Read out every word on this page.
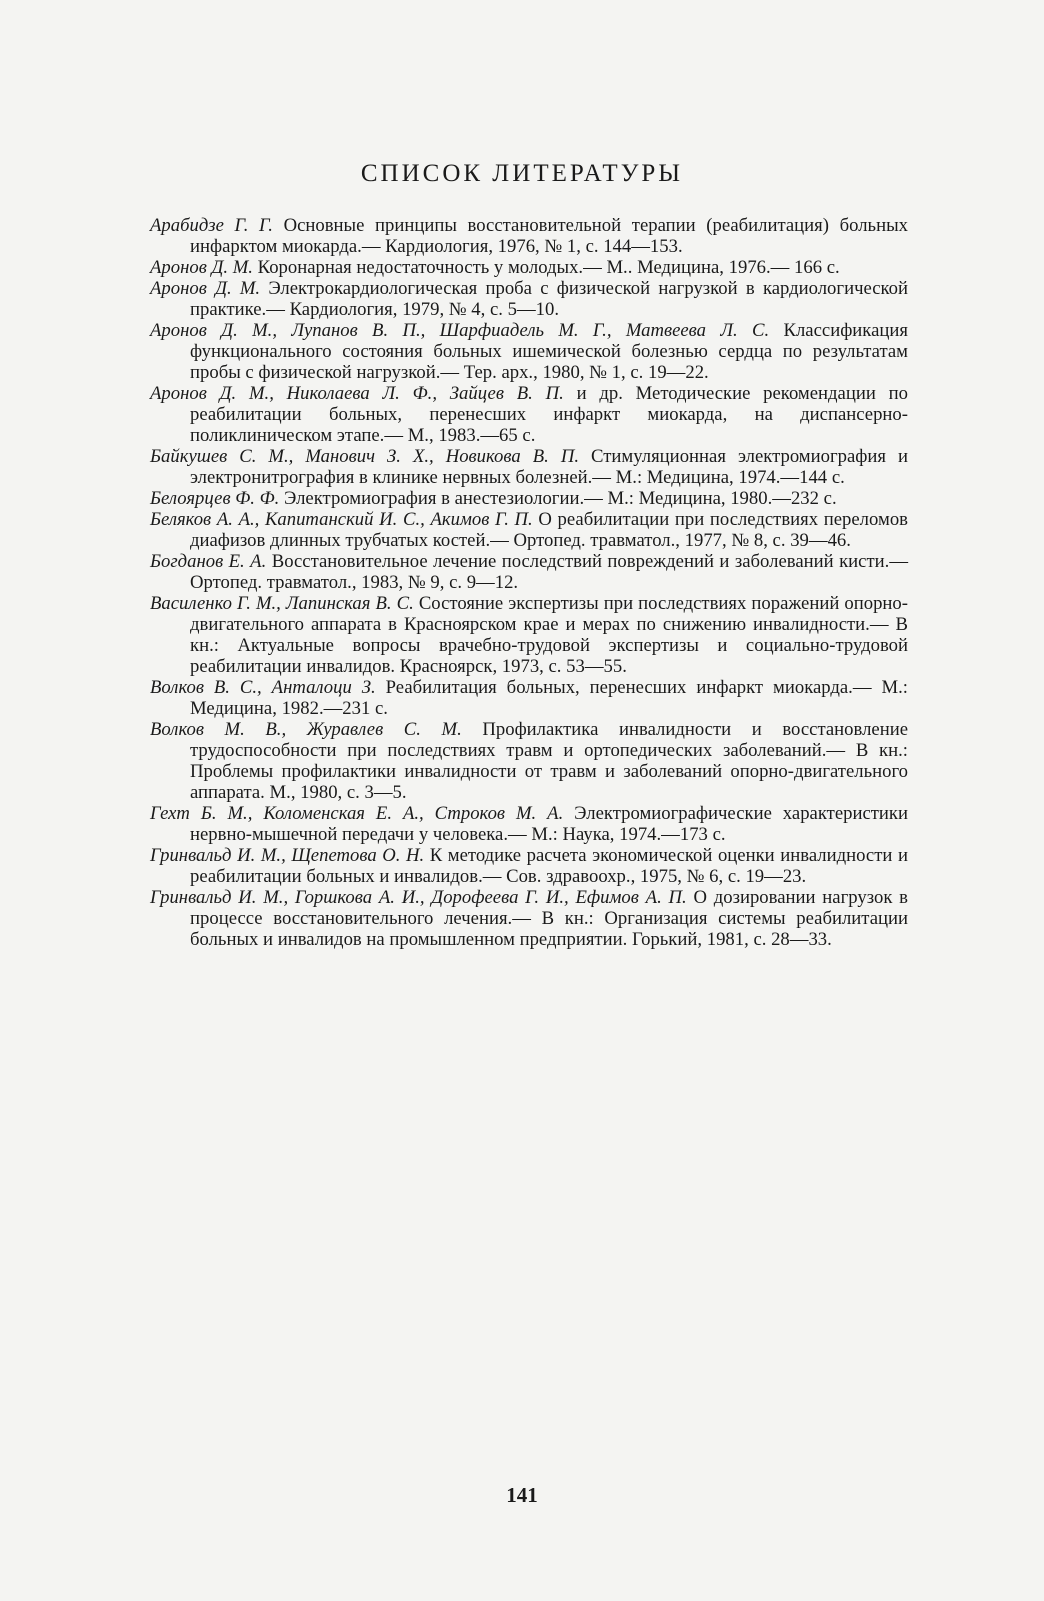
СПИСОК ЛИТЕРАТУРЫ
Арабидзе Г. Г. Основные принципы восстановительной терапии (реабилитация) больных инфарктом миокарда.— Кардиология, 1976, № 1, с. 144—153.
Аронов Д. М. Коронарная недостаточность у молодых.— М.. Медицина, 1976.— 166 с.
Аронов Д. М. Электрокардиологическая проба с физической нагрузкой в кардиологической практике.— Кардиология, 1979, № 4, с. 5—10.
Аронов Д. М., Лупанов В. П., Шарфиадель М. Г., Матвеева Л. С. Классификация функционального состояния больных ишемической болезнью сердца по результатам пробы с физической нагрузкой.— Тер. арх., 1980, № 1, с. 19—22.
Аронов Д. М., Николаева Л. Ф., Зайцев В. П. и др. Методические рекомендации по реабилитации больных, перенесших инфаркт миокарда, на диспансерно-поликлиническом этапе.— М., 1983.—65 с.
Байкушев С. М., Манович З. Х., Новикова В. П. Стимуляционная электромиография и электронитрография в клинике нервных болезней.— М.: Медицина, 1974.—144 с.
Белоярцев Ф. Ф. Электромиография в анестезиологии.— М.: Медицина, 1980.—232 с.
Беляков А. А., Капитанский И. С., Акимов Г. П. О реабилитации при последствиях переломов диафизов длинных трубчатых костей.— Ортопед. травматол., 1977, № 8, с. 39—46.
Богданов Е. А. Восстановительное лечение последствий повреждений и заболеваний кисти.— Ортопед. травматол., 1983, № 9, с. 9—12.
Василенко Г. М., Лапинская В. С. Состояние экспертизы при последствиях поражений опорно-двигательного аппарата в Красноярском крае и мерах по снижению инвалидности.— В кн.: Актуальные вопросы врачебно-трудовой экспертизы и социально-трудовой реабилитации инвалидов. Красноярск, 1973, с. 53—55.
Волков В. С., Анталоци З. Реабилитация больных, перенесших инфаркт миокарда.— М.: Медицина, 1982.—231 с.
Волков М. В., Журавлев С. М. Профилактика инвалидности и восстановление трудоспособности при последствиях травм и ортопедических заболеваний.— В кн.: Проблемы профилактики инвалидности от травм и заболеваний опорно-двигательного аппарата. М., 1980, с. 3—5.
Гехт Б. М., Коломенская Е. А., Строков М. А. Электромиографические характеристики нервно-мышечной передачи у человека.— М.: Наука, 1974.—173 с.
Гринвальд И. М., Щепетова О. Н. К методике расчета экономической оценки инвалидности и реабилитации больных и инвалидов.— Сов. здравоохр., 1975, № 6, с. 19—23.
Гринвальд И. М., Горшкова А. И., Дорофеева Г. И., Ефимов А. П. О дозировании нагрузок в процессе восстановительного лечения.— В кн.: Организация системы реабилитации больных и инвалидов на промышленном предприятии. Горький, 1981, с. 28—33.
141
